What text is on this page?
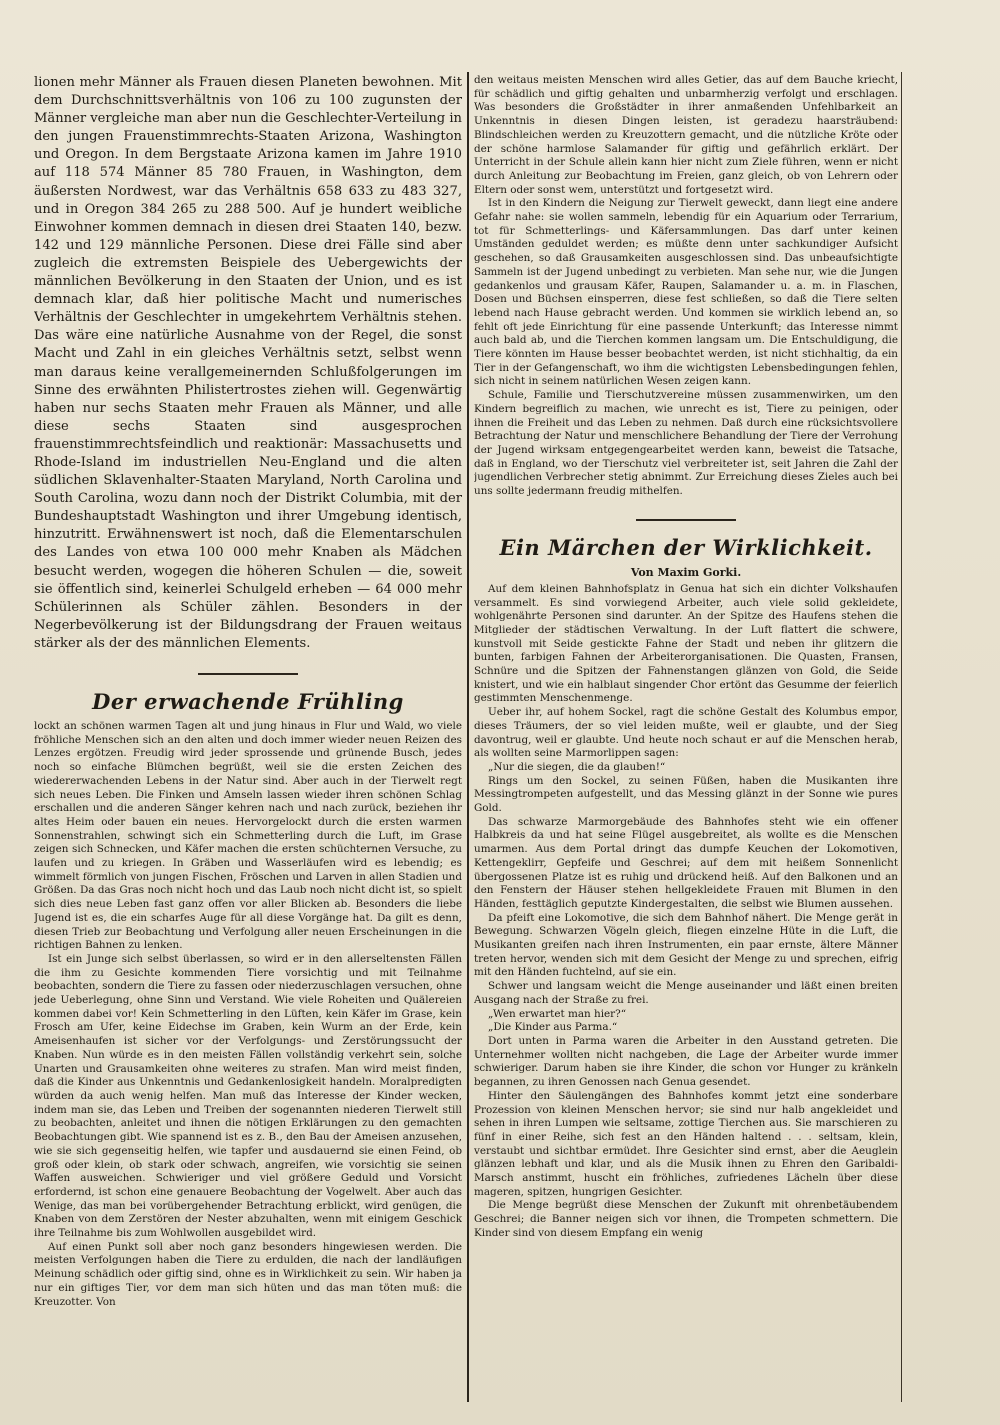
lionen mehr Männer als Frauen diesen Planeten bewohnen. Mit dem Durchschnittsverhältnis von 106 zu 100 zugunsten der Männer vergleiche man aber nun die Geschlechter-Verteilung in den jungen Frauenstimmrechts-Staaten Arizona, Washington und Oregon. In dem Bergstaate Arizona kamen im Jahre 1910 auf 118 574 Männer 85 780 Frauen, in Washington, dem äußersten Nordwest, war das Verhältnis 658 633 zu 483 327, und in Oregon 384 265 zu 288 500. Auf je hundert weibliche Einwohner kommen demnach in diesen drei Staaten 140, bezw. 142 und 129 männliche Personen. Diese drei Fälle sind aber zugleich die extremsten Beispiele des Uebergewichts der männlichen Bevölkerung in den Staaten der Union, und es ist demnach klar, daß hier politische Macht und numerisches Verhältnis der Geschlechter in umgekehrtem Verhältnis stehen. Das wäre eine natürliche Ausnahme von der Regel, die sonst Macht und Zahl in ein gleiches Verhältnis setzt, selbst wenn man daraus keine verallgemeinernden Schlußfolgerungen im Sinne des erwähnten Philistertrostes ziehen will. Gegenwärtig haben nur sechs Staaten mehr Frauen als Männer, und alle diese sechs Staaten sind ausgesprochen frauenstimmrechtsfeindlich und reaktionär: Massachusetts und Rhode-Island im industriellen Neu-England und die alten südlichen Sklavenhalter-Staaten Maryland, North Carolina und South Carolina, wozu dann noch der Distrikt Columbia, mit der Bundeshauptstadt Washington und ihrer Umgebung identisch, hinzutritt. Erwähnenswert ist noch, daß die Elementarschulen des Landes von etwa 100 000 mehr Knaben als Mädchen besucht werden, wogegen die höheren Schulen — die, soweit sie öffentlich sind, keinerlei Schulgeld erheben — 64 000 mehr Schülerinnen als Schüler zählen. Besonders in der Negerbevölkerung ist der Bildungsdrang der Frauen weitaus stärker als der des männlichen Elements.

Der erwachende Frühling

lockt an schönen warmen Tagen alt und jung hinaus in Flur und Wald, wo viele fröhliche Menschen sich an den alten und doch immer wieder neuen Reizen des Lenzes ergötzen. Freudig wird jeder sprossende und grünende Busch, jedes noch so einfache Blümchen begrüßt, weil sie die ersten Zeichen des wiedererwachenden Lebens in der Natur sind. Aber auch in der Tierwelt regt sich neues Leben. Die Finken und Amseln lassen wieder ihren schönen Schlag erschallen und die anderen Sänger kehren nach und nach zurück, beziehen ihr altes Heim oder bauen ein neues. Hervorgelockt durch die ersten warmen Sonnenstrahlen, schwingt sich ein Schmetterling durch die Luft, im Grase zeigen sich Schnecken, und Käfer machen die ersten schüchternen Versuche, zu laufen und zu kriegen. In Gräben und Wasserläufen wird es lebendig; es wimmelt förmlich von jungen Fischen, Fröschen und Larven in allen Stadien und Größen. Da das Gras noch nicht hoch und das Laub noch nicht dicht ist, so spielt sich dies neue Leben fast ganz offen vor aller Blicken ab. Besonders die liebe Jugend ist es, die ein scharfes Auge für all diese Vorgänge hat. Da gilt es denn, diesen Trieb zur Beobachtung und Verfolgung aller neuen Erscheinungen in die richtigen Bahnen zu lenken.

Ist ein Junge sich selbst überlassen, so wird er in den allerseltensten Fällen die ihm zu Gesichte kommenden Tiere vorsichtig und mit Teilnahme beobachten, sondern die Tiere zu fassen oder niederzuschlagen versuchen, ohne jede Ueberlegung, ohne Sinn und Verstand. Wie viele Roheiten und Quälereien kommen dabei vor! Kein Schmetterling in den Lüften, kein Käfer im Grase, kein Frosch am Ufer, keine Eidechse im Graben, kein Wurm an der Erde, kein Ameisenhaufen ist sicher vor der Verfolgungs- und Zerstörungssucht der Knaben. Nun würde es in den meisten Fällen vollständig verkehrt sein, solche Unarten und Grausamkeiten ohne weiteres zu strafen. Man wird meist finden, daß die Kinder aus Unkenntnis und Gedankenlosigkeit handeln. Moralpredigten würden da auch wenig helfen. Man muß das Interesse der Kinder wecken, indem man sie, das Leben und Treiben der sogenannten niederen Tierwelt still zu beobachten, anleitet und ihnen die nötigen Erklärungen zu den gemachten Beobachtungen gibt. Wie spannend ist es z. B., den Bau der Ameisen anzusehen, wie sie sich gegenseitig helfen, wie tapfer und ausdauernd sie einen Feind, ob groß oder klein, ob stark oder schwach, angreifen, wie vorsichtig sie seinen Waffen ausweichen. Schwieriger und viel größere Geduld und Vorsicht erfordernd, ist schon eine genauere Beobachtung der Vogelwelt. Aber auch das Wenige, das man bei vorübergehender Betrachtung erblickt, wird genügen, die Knaben von dem Zerstören der Nester abzuhalten, wenn mit einigem Geschick ihre Teilnahme bis zum Wohlwollen ausgebildet wird.

Auf einen Punkt soll aber noch ganz besonders hingewiesen werden. Die meisten Verfolgungen haben die Tiere zu erdulden, die nach der landläufigen Meinung schädlich oder giftig sind, ohne es in Wirklichkeit zu sein. Wir haben ja nur ein giftiges Tier, vor dem man sich hüten und das man töten muß: die Kreuzotter. Von

den weitaus meisten Menschen wird alles Getier, das auf dem Bauche kriecht, für schädlich und giftig gehalten und unbarmherzig verfolgt und erschlagen. Was besonders die Großstädter in ihrer anmaßenden Unfehlbarkeit an Unkenntnis in diesen Dingen leisten, ist geradezu haarsträubend: Blindschleichen werden zu Kreuzottern gemacht, und die nützliche Kröte oder der schöne harmlose Salamander für giftig und gefährlich erklärt. Der Unterricht in der Schule allein kann hier nicht zum Ziele führen, wenn er nicht durch Anleitung zur Beobachtung im Freien, ganz gleich, ob von Lehrern oder Eltern oder sonst wem, unterstützt und fortgesetzt wird.

Ist in den Kindern die Neigung zur Tierwelt geweckt, dann liegt eine andere Gefahr nahe: sie wollen sammeln, lebendig für ein Aquarium oder Terrarium, tot für Schmetterlings- und Käfersammlungen. Das darf unter keinen Umständen geduldet werden; es müßte denn unter sachkundiger Aufsicht geschehen, so daß Grausamkeiten ausgeschlossen sind. Das unbeaufsichtigte Sammeln ist der Jugend unbedingt zu verbieten. Man sehe nur, wie die Jungen gedankenlos und grausam Käfer, Raupen, Salamander u. a. m. in Flaschen, Dosen und Büchsen einsperren, diese fest schließen, so daß die Tiere selten lebend nach Hause gebracht werden. Und kommen sie wirklich lebend an, so fehlt oft jede Einrichtung für eine passende Unterkunft; das Interesse nimmt auch bald ab, und die Tierchen kommen langsam um. Die Entschuldigung, die Tiere könnten im Hause besser beobachtet werden, ist nicht stichhaltig, da ein Tier in der Gefangenschaft, wo ihm die wichtigsten Lebensbedingungen fehlen, sich nicht in seinem natürlichen Wesen zeigen kann.

Schule, Familie und Tierschutzvereine müssen zusammenwirken, um den Kindern begreiflich zu machen, wie unrecht es ist, Tiere zu peinigen, oder ihnen die Freiheit und das Leben zu nehmen. Daß durch eine rücksichtsvollere Betrachtung der Natur und menschlichere Behandlung der Tiere der Verrohung der Jugend wirksam entgegengearbeitet werden kann, beweist die Tatsache, daß in England, wo der Tierschutz viel verbreiteter ist, seit Jahren die Zahl der jugendlichen Verbrecher stetig abnimmt. Zur Erreichung dieses Zieles auch bei uns sollte jedermann freudig mithelfen.

Ein Märchen der Wirklichkeit.
Von Maxim Gorki.

Auf dem kleinen Bahnhofsplatz in Genua hat sich ein dichter Volkshaufen versammelt. Es sind vorwiegend Arbeiter, auch viele solid gekleidete, wohlgenährte Personen sind darunter. An der Spitze des Haufens stehen die Mitglieder der städtischen Verwaltung. In der Luft flattert die schwere, kunstvoll mit Seide gestickte Fahne der Stadt und neben ihr glitzern die bunten, farbigen Fahnen der Arbeiterorganisationen. Die Quasten, Fransen, Schnüre und die Spitzen der Fahnenstangen glänzen von Gold, die Seide knistert, und wie ein halblaut singender Chor ertönt das Gesumme der feierlich gestimmten Menschenmenge.

Ueber ihr, auf hohem Sockel, ragt die schöne Gestalt des Kolumbus empor, dieses Träumers, der so viel leiden mußte, weil er glaubte, und der Sieg davontrug, weil er glaubte. Und heute noch schaut er auf die Menschen herab, als wollten seine Marmorlippen sagen:

„Nur die siegen, die da glauben!“

Rings um den Sockel, zu seinen Füßen, haben die Musikanten ihre Messingtrompeten aufgestellt, und das Messing glänzt in der Sonne wie pures Gold.

Das schwarze Marmorgebäude des Bahnhofes steht wie ein offener Halbkreis da und hat seine Flügel ausgebreitet, als wollte es die Menschen umarmen. Aus dem Portal dringt das dumpfe Keuchen der Lokomotiven, Kettengeklirr, Gepfeife und Geschrei; auf dem mit heißem Sonnenlicht übergossenen Platze ist es ruhig und drückend heiß. Auf den Balkonen und an den Fenstern der Häuser stehen hellgekleidete Frauen mit Blumen in den Händen, festtäglich geputzte Kindergestalten, die selbst wie Blumen aussehen.

Da pfeift eine Lokomotive, die sich dem Bahnhof nähert. Die Menge gerät in Bewegung. Schwarzen Vögeln gleich, fliegen einzelne Hüte in die Luft, die Musikanten greifen nach ihren Instrumenten, ein paar ernste, ältere Männer treten hervor, wenden sich mit dem Gesicht der Menge zu und sprechen, eifrig mit den Händen fuchtelnd, auf sie ein.

Schwer und langsam weicht die Menge auseinander und läßt einen breiten Ausgang nach der Straße zu frei.

„Wen erwartet man hier?“

„Die Kinder aus Parma.“

Dort unten in Parma waren die Arbeiter in den Ausstand getreten. Die Unternehmer wollten nicht nachgeben, die Lage der Arbeiter wurde immer schwieriger. Darum haben sie ihre Kinder, die schon vor Hunger zu kränkeln begannen, zu ihren Genossen nach Genua gesendet.

Hinter den Säulengängen des Bahnhofes kommt jetzt eine sonderbare Prozession von kleinen Menschen hervor; sie sind nur halb angekleidet und sehen in ihren Lumpen wie seltsame, zottige Tierchen aus. Sie marschieren zu fünf in einer Reihe, sich fest an den Händen haltend . . . seltsam, klein, verstaubt und sichtbar ermüdet. Ihre Gesichter sind ernst, aber die Aeuglein glänzen lebhaft und klar, und als die Musik ihnen zu Ehren den Garibaldi-Marsch anstimmt, huscht ein fröhliches, zufriedenes Lächeln über diese mageren, spitzen, hungrigen Gesichter.

Die Menge begrüßt diese Menschen der Zukunft mit ohrenbetäubendem Geschrei; die Banner neigen sich vor ihnen, die Trompeten schmettern. Die Kinder sind von diesem Empfang ein wenig
